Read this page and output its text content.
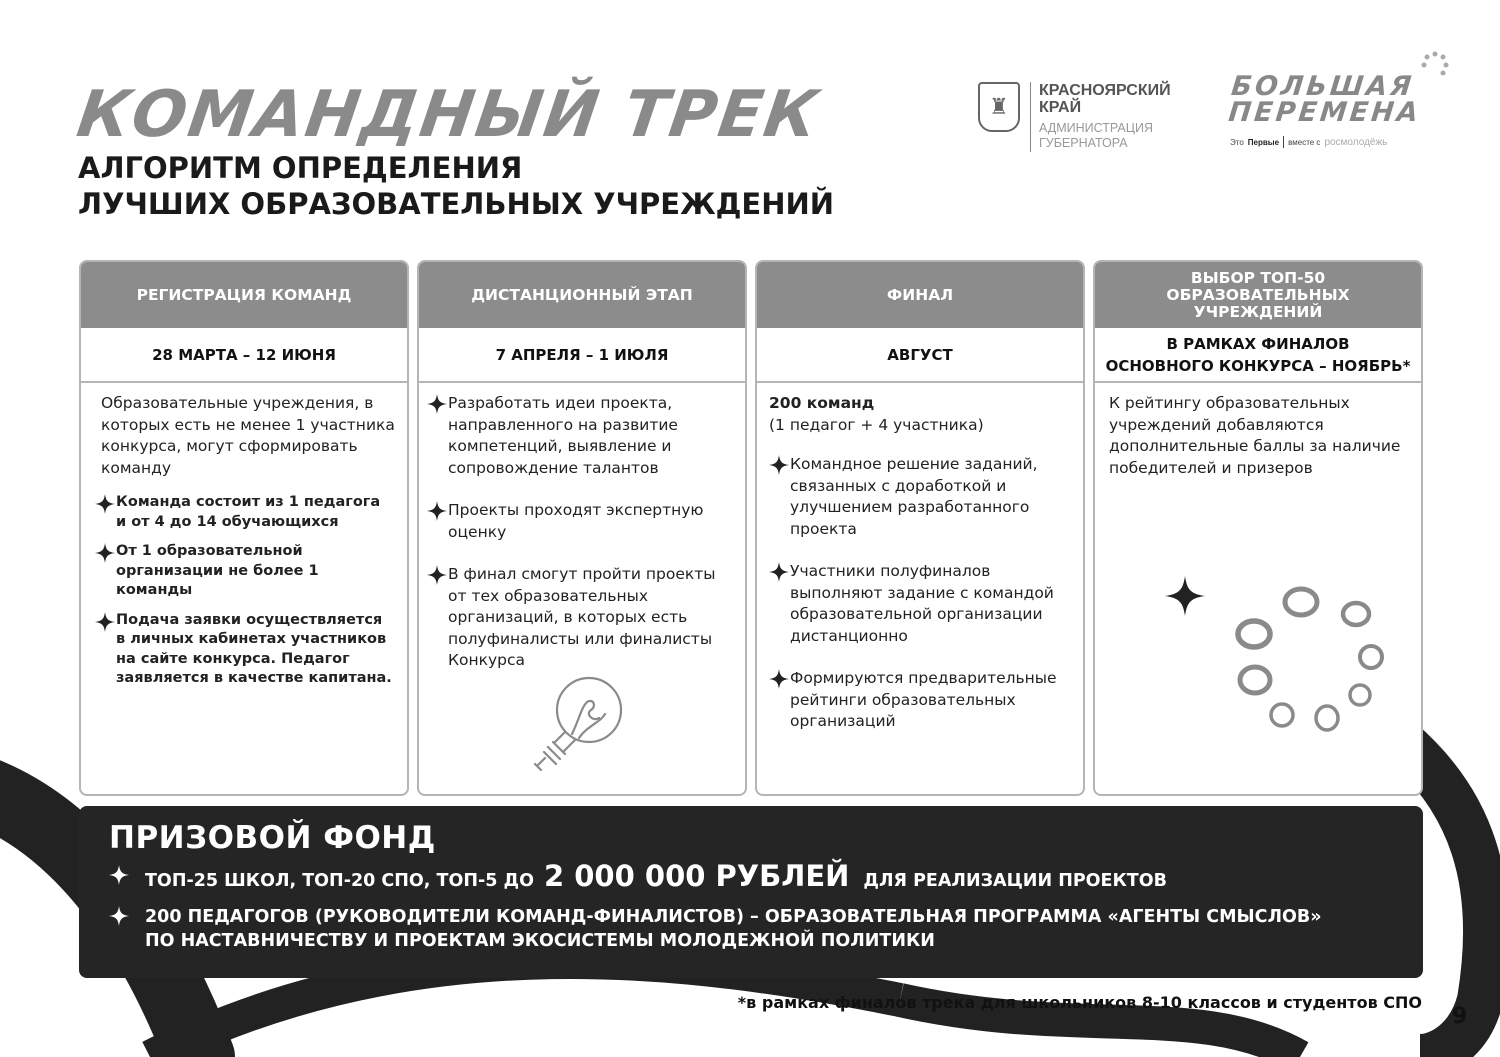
КОМАНДНЫЙ ТРЕК
АЛГОРИТМ ОПРЕДЕЛЕНИЯ
ЛУЧШИХ ОБРАЗОВАТЕЛЬНЫХ УЧРЕЖДЕНИЙ
♜
КРАСНОЯРСКИЙ
КРАЙ
АДМИНИСТРАЦИЯ
ГУБЕРНАТОРА
БОЛЬШАЯ
ПЕРЕМЕНА
Это Первые вместе с росмолодёжь
РЕГИСТРАЦИЯ КОМАНД
28 МАРТА – 12 ИЮНЯ
Образовательные учреждения, в которых есть не менее 1 участника конкурса, могут сформировать команду
Команда состоит из 1 педагога и от 4 до 14 обучающихся
От 1 образовательной организации не более 1 команды
Подача заявки осуществляется в личных кабинетах участников на сайте конкурса. Педагог заявляется в качестве капитана.
ДИСТАНЦИОННЫЙ ЭТАП
7 АПРЕЛЯ – 1 ИЮЛЯ
Разработать идеи проекта, направленного на развитие компетенций, выявление и сопровождение талантов
Проекты проходят экспертную оценку
В финал смогут пройти проекты от тех образовательных организаций, в которых есть полуфиналисты или финалисты Конкурса
ФИНАЛ
АВГУСТ
200 команд
(1 педагог + 4 участника)
Командное решение заданий, связанных с доработкой и улучшением разработанного проекта
Участники полуфиналов выполняют задание с командой образовательной организации дистанционно
Формируются предварительные рейтинги образовательных организаций
ВЫБОР ТОП-50 ОБРАЗОВАТЕЛЬНЫХ УЧРЕЖДЕНИЙ
В РАМКАХ ФИНАЛОВ
ОСНОВНОГО КОНКУРСА – НОЯБРЬ*
К рейтингу образовательных учреждений добавляются дополнительные баллы за наличие победителей и призеров
ПРИЗОВОЙ ФОНД
ТОП-25 ШКОЛ, ТОП-20 СПО, ТОП-5 ДО 2 000 000 РУБЛЕЙ ДЛЯ РЕАЛИЗАЦИИ ПРОЕКТОВ
200 ПЕДАГОГОВ (РУКОВОДИТЕЛИ КОМАНД-ФИНАЛИСТОВ) – ОБРАЗОВАТЕЛЬНАЯ ПРОГРАММА «АГЕНТЫ СМЫСЛОВ»
ПО НАСТАВНИЧЕСТВУ И ПРОЕКТАМ ЭКОСИСТЕМЫ МОЛОДЕЖНОЙ ПОЛИТИКИ
*в рамках финалов трека для школьников 8-10 классов и студентов СПО
9
